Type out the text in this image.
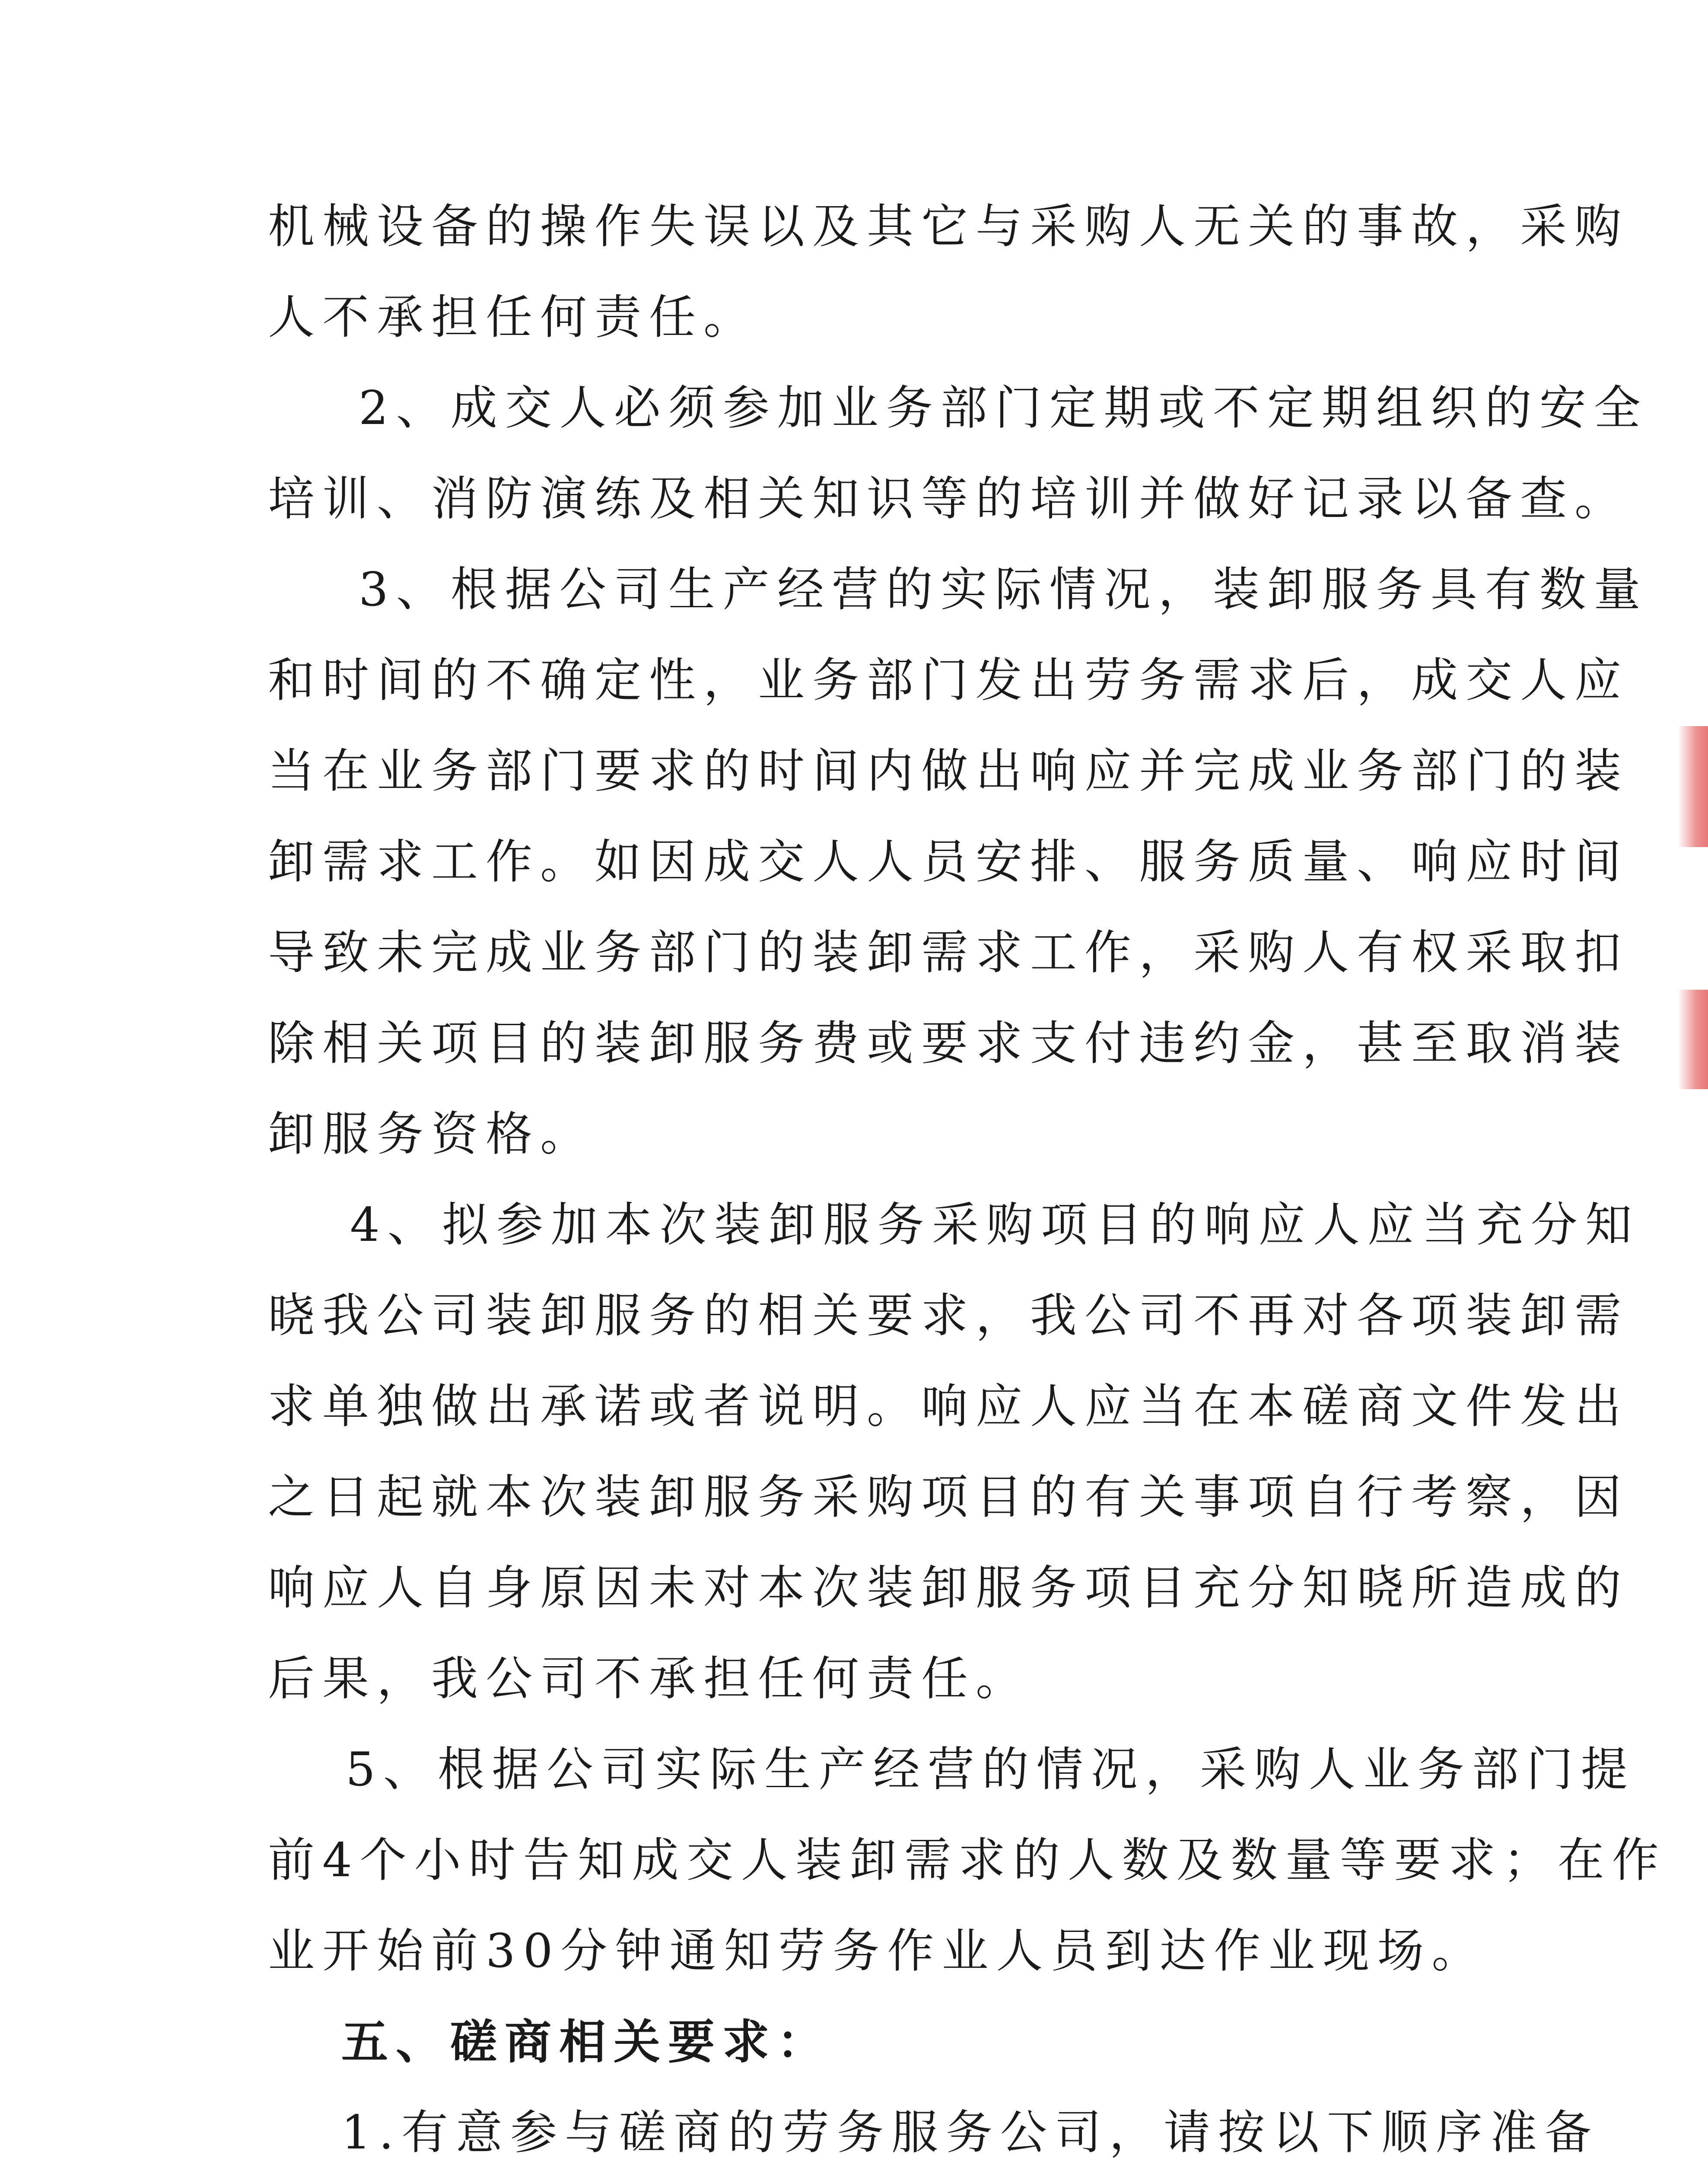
机械设备的操作失误以及其它与采购人无关的事故，采购
人不承担任何责任。
2、成交人必须参加业务部门定期或不定期组织的安全
培训、消防演练及相关知识等的培训并做好记录以备查。
3、根据公司生产经营的实际情况，装卸服务具有数量
和时间的不确定性，业务部门发出劳务需求后，成交人应
当在业务部门要求的时间内做出响应并完成业务部门的装
卸需求工作。如因成交人人员安排、服务质量、响应时间
导致未完成业务部门的装卸需求工作，采购人有权采取扣
除相关项目的装卸服务费或要求支付违约金，甚至取消装
卸服务资格。
4、拟参加本次装卸服务采购项目的响应人应当充分知
晓我公司装卸服务的相关要求，我公司不再对各项装卸需
求单独做出承诺或者说明。响应人应当在本磋商文件发出
之日起就本次装卸服务采购项目的有关事项自行考察，因
响应人自身原因未对本次装卸服务项目充分知晓所造成的
后果，我公司不承担任何责任。
5、根据公司实际生产经营的情况，采购人业务部门提
前4个小时告知成交人装卸需求的人数及数量等要求；在作
业开始前30分钟通知劳务作业人员到达作业现场。
五、磋商相关要求：
1.有意参与磋商的劳务服务公司，请按以下顺序准备
